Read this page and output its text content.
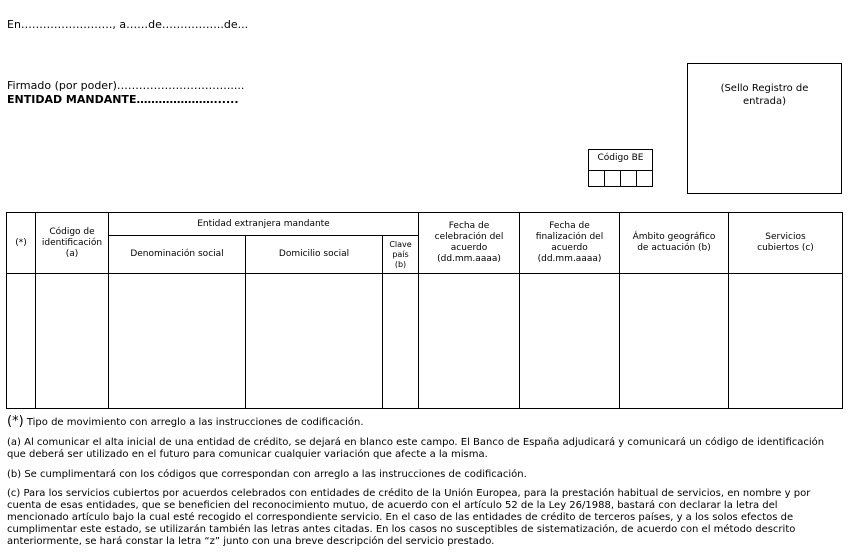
En……………………., a……de……………..de...
Firmado (por poder)………………………….....
ENTIDAD MANDANTE…………………......
(Sello Registro de entrada)
Código BE
(*)
Código de identificación (a)
Entidad extranjera mandante
Denominación social	Domicilio social
Clave país (b)
Fecha de celebración del acuerdo (dd.mm.aaaa)
Fecha de finalización del acuerdo (dd.mm.aaaa)
Ámbito geográfico de actuación (b)
Servicios cubiertos (c)
(*) Tipo de movimiento con arreglo a las instrucciones de codificación.
(a) Al comunicar el alta inicial de una entidad de crédito, se dejará en blanco este campo. El Banco de España adjudicará y comunicará un código de identificación que deberá ser utilizado en el futuro para comunicar cualquier variación que afecte a la misma.
(b) Se cumplimentará con los códigos que correspondan con arreglo a las instrucciones de codificación.
(c) Para los servicios cubiertos por acuerdos celebrados con entidades de crédito de la Unión Europea, para la prestación habitual de servicios, en nombre y por cuenta de esas entidades, que se beneficien del reconocimiento mutuo, de acuerdo con el artículo 52 de la Ley 26/1988, bastará con declarar la letra del mencionado artículo bajo la cual esté recogido el correspondiente servicio. En el caso de las entidades de crédito de terceros países, y a los solos efectos de cumplimentar este estado, se utilizarán también las letras antes citadas. En los casos no susceptibles de sistematización, de acuerdo con el método descrito anteriormente, se hará constar la letra “z” junto con una breve descripción del servicio prestado.
